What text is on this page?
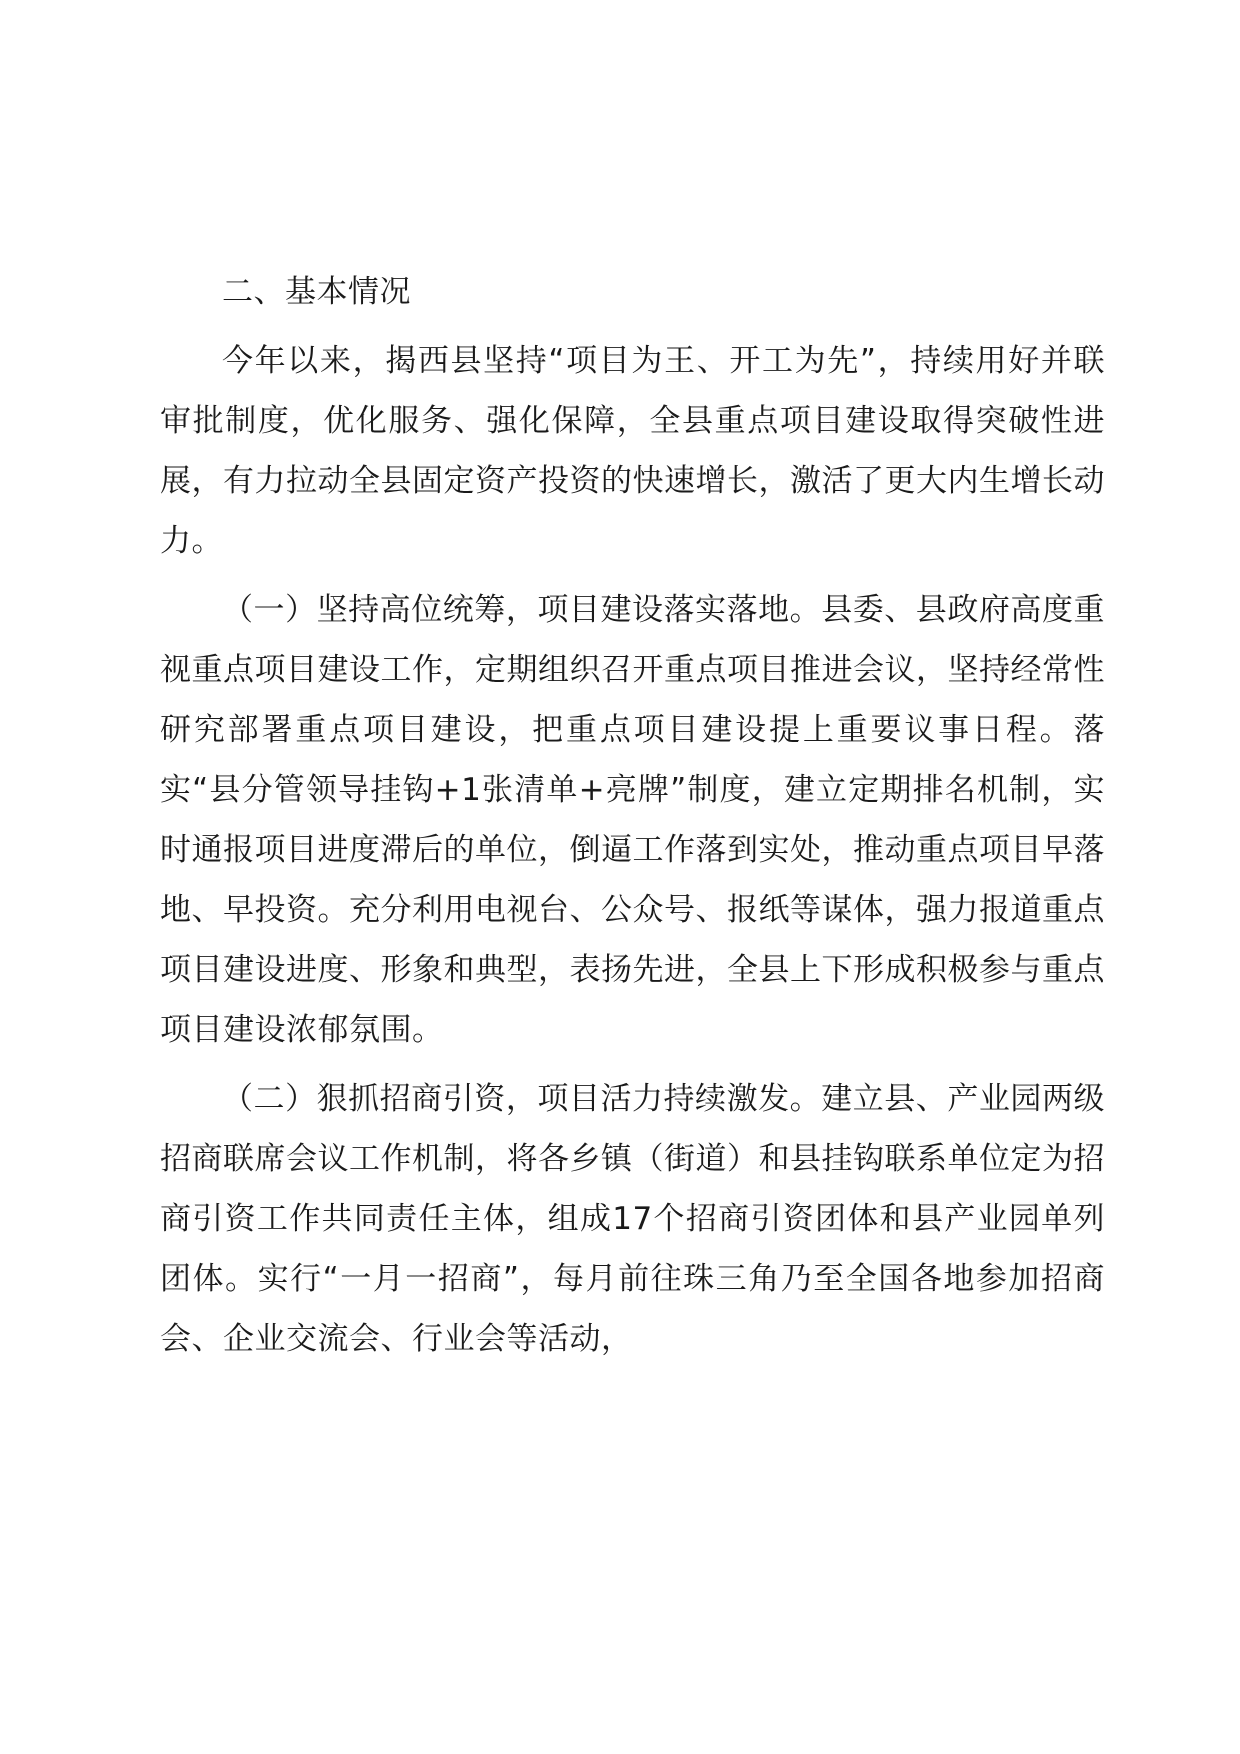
二、基本情况

今年以来，揭西县坚持“项目为王、开工为先”，持续用好并联审批制度，优化服务、强化保障，全县重点项目建设取得突破性进展，有力拉动全县固定资产投资的快速增长，激活了更大内生增长动力。

（一）坚持高位统筹，项目建设落实落地。县委、县政府高度重视重点项目建设工作，定期组织召开重点项目推进会议，坚持经常性研究部署重点项目建设，把重点项目建设提上重要议事日程。落实“县分管领导挂钩+1张清单+亮牌”制度，建立定期排名机制，实时通报项目进度滞后的单位，倒逼工作落到实处，推动重点项目早落地、早投资。充分利用电视台、公众号、报纸等谋体，强力报道重点项目建设进度、形象和典型，表扬先进，全县上下形成积极参与重点项目建设浓郁氛围。

（二）狠抓招商引资，项目活力持续激发。建立县、产业园两级招商联席会议工作机制，将各乡镇（街道）和县挂钩联系单位定为招商引资工作共同责任主体，组成17个招商引资团体和县产业园单列团体。实行“一月一招商”，每月前往珠三角乃至全国各地参加招商会、企业交流会、行业会等活动，
